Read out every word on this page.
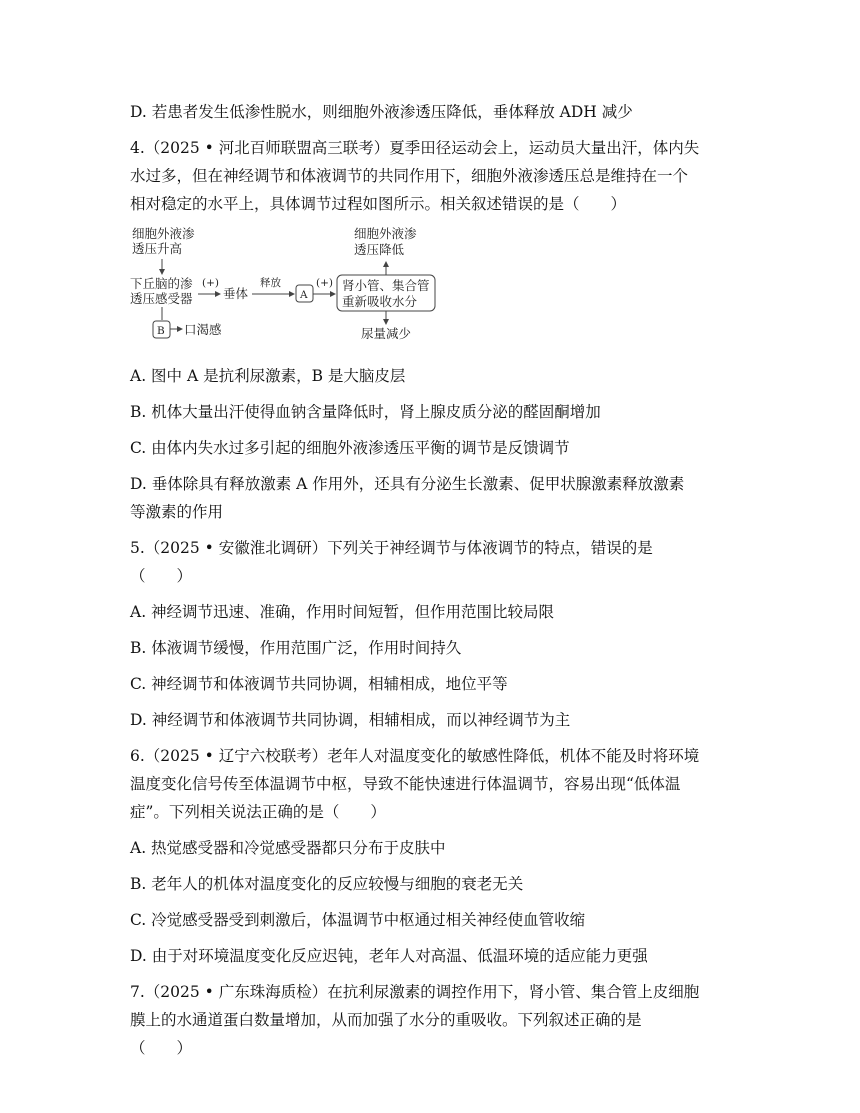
D. 若患者发生低渗性脱水，则细胞外液渗透压降低，垂体释放 ADH 减少

4.（2025 • 河北百师联盟高三联考）夏季田径运动会上，运动员大量出汗，体内失

水过多，但在神经调节和体液调节的共同作用下，细胞外液渗透压总是维持在一个

相对稳定的水平上，具体调节过程如图所示。相关叙述错误的是（　　）

细胞外液渗
透压升高
下丘脑的渗
透压感受器
(+)
垂体
释放
A
(+) 肾小管、集合管
重新吸收水分
细胞外液渗
透压降低
尿量减少
B 口渴感

A. 图中 A 是抗利尿激素，B 是大脑皮层

B. 机体大量出汗使得血钠含量降低时，肾上腺皮质分泌的醛固酮增加

C. 由体内失水过多引起的细胞外液渗透压平衡的调节是反馈调节

D. 垂体除具有释放激素 A 作用外，还具有分泌生长激素、促甲状腺激素释放激素

等激素的作用

5.（2025 • 安徽淮北调研）下列关于神经调节与体液调节的特点，错误的是

（　　）

A. 神经调节迅速、准确，作用时间短暂，但作用范围比较局限

B. 体液调节缓慢，作用范围广泛，作用时间持久

C. 神经调节和体液调节共同协调，相辅相成，地位平等

D. 神经调节和体液调节共同协调，相辅相成，而以神经调节为主

6.（2025 • 辽宁六校联考）老年人对温度变化的敏感性降低，机体不能及时将环境

温度变化信号传至体温调节中枢，导致不能快速进行体温调节，容易出现“低体温

症”。下列相关说法正确的是（　　）

A. 热觉感受器和冷觉感受器都只分布于皮肤中

B. 老年人的机体对温度变化的反应较慢与细胞的衰老无关

C. 冷觉感受器受到刺激后，体温调节中枢通过相关神经使血管收缩

D. 由于对环境温度变化反应迟钝，老年人对高温、低温环境的适应能力更强

7.（2025 • 广东珠海质检）在抗利尿激素的调控作用下，肾小管、集合管上皮细胞

膜上的水通道蛋白数量增加，从而加强了水分的重吸收。下列叙述正确的是

（　　）
